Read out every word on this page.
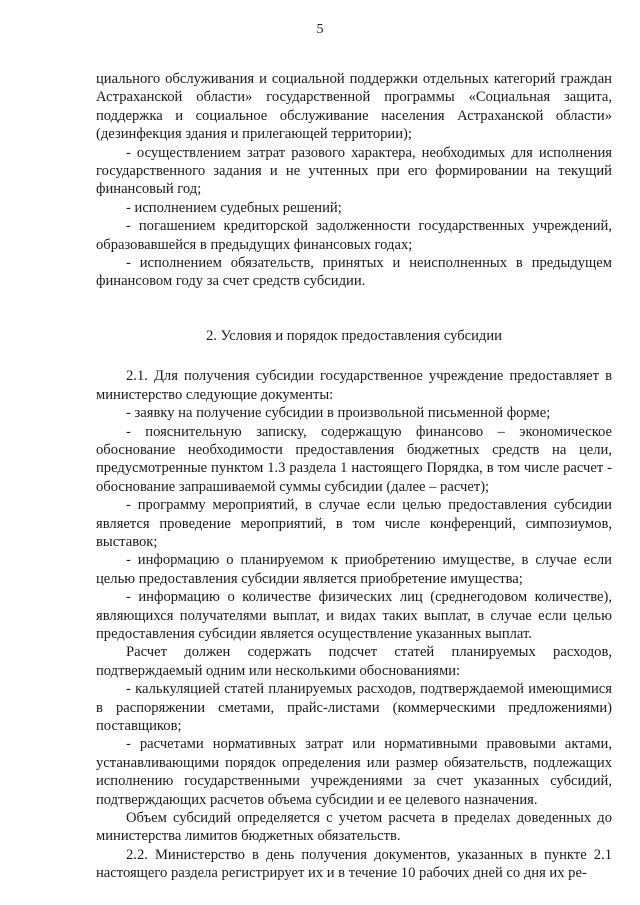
5

циального обслуживания и социальной поддержки отдельных категорий граждан Астраханской области» государственной программы «Социальная защита, поддержка и социальное обслуживание населения Астраханской области» (дезинфекция здания и прилегающей территории);

- осуществлением затрат разового характера, необходимых для исполнения государственного задания и не учтенных при его формировании на текущий финансовый год;

- исполнением судебных решений;

- погашением кредиторской задолженности государственных учреждений, образовавшейся в предыдущих финансовых годах;

- исполнением обязательств, принятых и неисполненных в предыдущем финансовом году за счет средств субсидии.

2. Условия и порядок предоставления субсидии

2.1. Для получения субсидии государственное учреждение предоставляет в министерство следующие документы:

- заявку на получение субсидии в произвольной письменной форме;

- пояснительную записку, содержащую финансово – экономическое обоснование необходимости предоставления бюджетных средств на цели, предусмотренные пунктом 1.3 раздела 1 настоящего Порядка, в том числе расчет - обоснование запрашиваемой суммы субсидии (далее – расчет);

- программу мероприятий, в случае если целью предоставления субсидии является проведение мероприятий, в том числе конференций, симпозиумов, выставок;

- информацию о планируемом к приобретению имуществе, в случае если целью предоставления субсидии является приобретение имущества;

- информацию о количестве физических лиц (среднегодовом количестве), являющихся получателями выплат, и видах таких выплат, в случае если целью предоставления субсидии является осуществление указанных выплат.

Расчет должен содержать подсчет статей планируемых расходов, подтверждаемый одним или несколькими обоснованиями:

- калькуляцией статей планируемых расходов, подтверждаемой имеющимися в распоряжении сметами, прайс-листами (коммерческими предложениями) поставщиков;

- расчетами нормативных затрат или нормативными правовыми актами, устанавливающими порядок определения или размер обязательств, подлежащих исполнению государственными учреждениями за счет указанных субсидий, подтверждающих расчетов объема субсидии и ее целевого назначения.

Объем субсидий определяется с учетом расчета в пределах доведенных до министерства лимитов бюджетных обязательств.

2.2. Министерство в день получения документов, указанных в пункте 2.1 настоящего раздела регистрирует их и в течение 10 рабочих дней со дня их ре-
